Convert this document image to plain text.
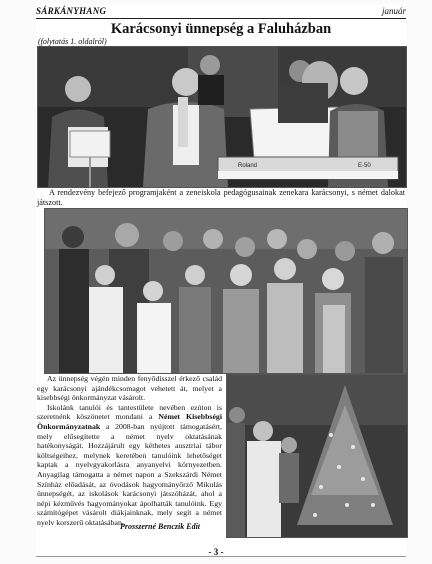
SÁRKÁNYHANG	január
Karácsonyi ünnepség a Faluházban
(folytatás 1. oldalról)
Roland	E-50
A rendezvény befejező programjaként a zeneiskola pedagógusainak zenekara karácsonyi, s német dalokat játszott.

Az ünnepség végén minden fenyődísszel érkező család egy karácsonyi ajándékcsomagot vehetett át, melyet a kisebbségi önkormányzat vásárolt.

Iskolánk tanulói és tantestülete nevében ezúton is szeretnénk köszönetet mondani a Német Kisebbségi Önkormányzatnak a 2008-ban nyújtott támogatásért, mely elősegítette a német nyelv oktatásának hatékonyságát. Hozzájárult egy kéthetes ausztriai tábor költségeihez, melynek keretében tanulóink lehetőséget kaptak a nyelvgyakorlásra anyanyelvi környezetben. Anyagilag támogatta a német napon a Szekszárdi Német Színház előadását, az óvodások hagyományőrző Mikulás ünnepségét, az iskolások karácsonyi játszóházát, ahol a népi kézművés hagyományokat ápolhatták tanulóink. Egy számítógépet vásárolt diákjainknak, mely segít a német nyelv korszerű oktatásában.

Prosszerné Benczik Edit
- 3 -
